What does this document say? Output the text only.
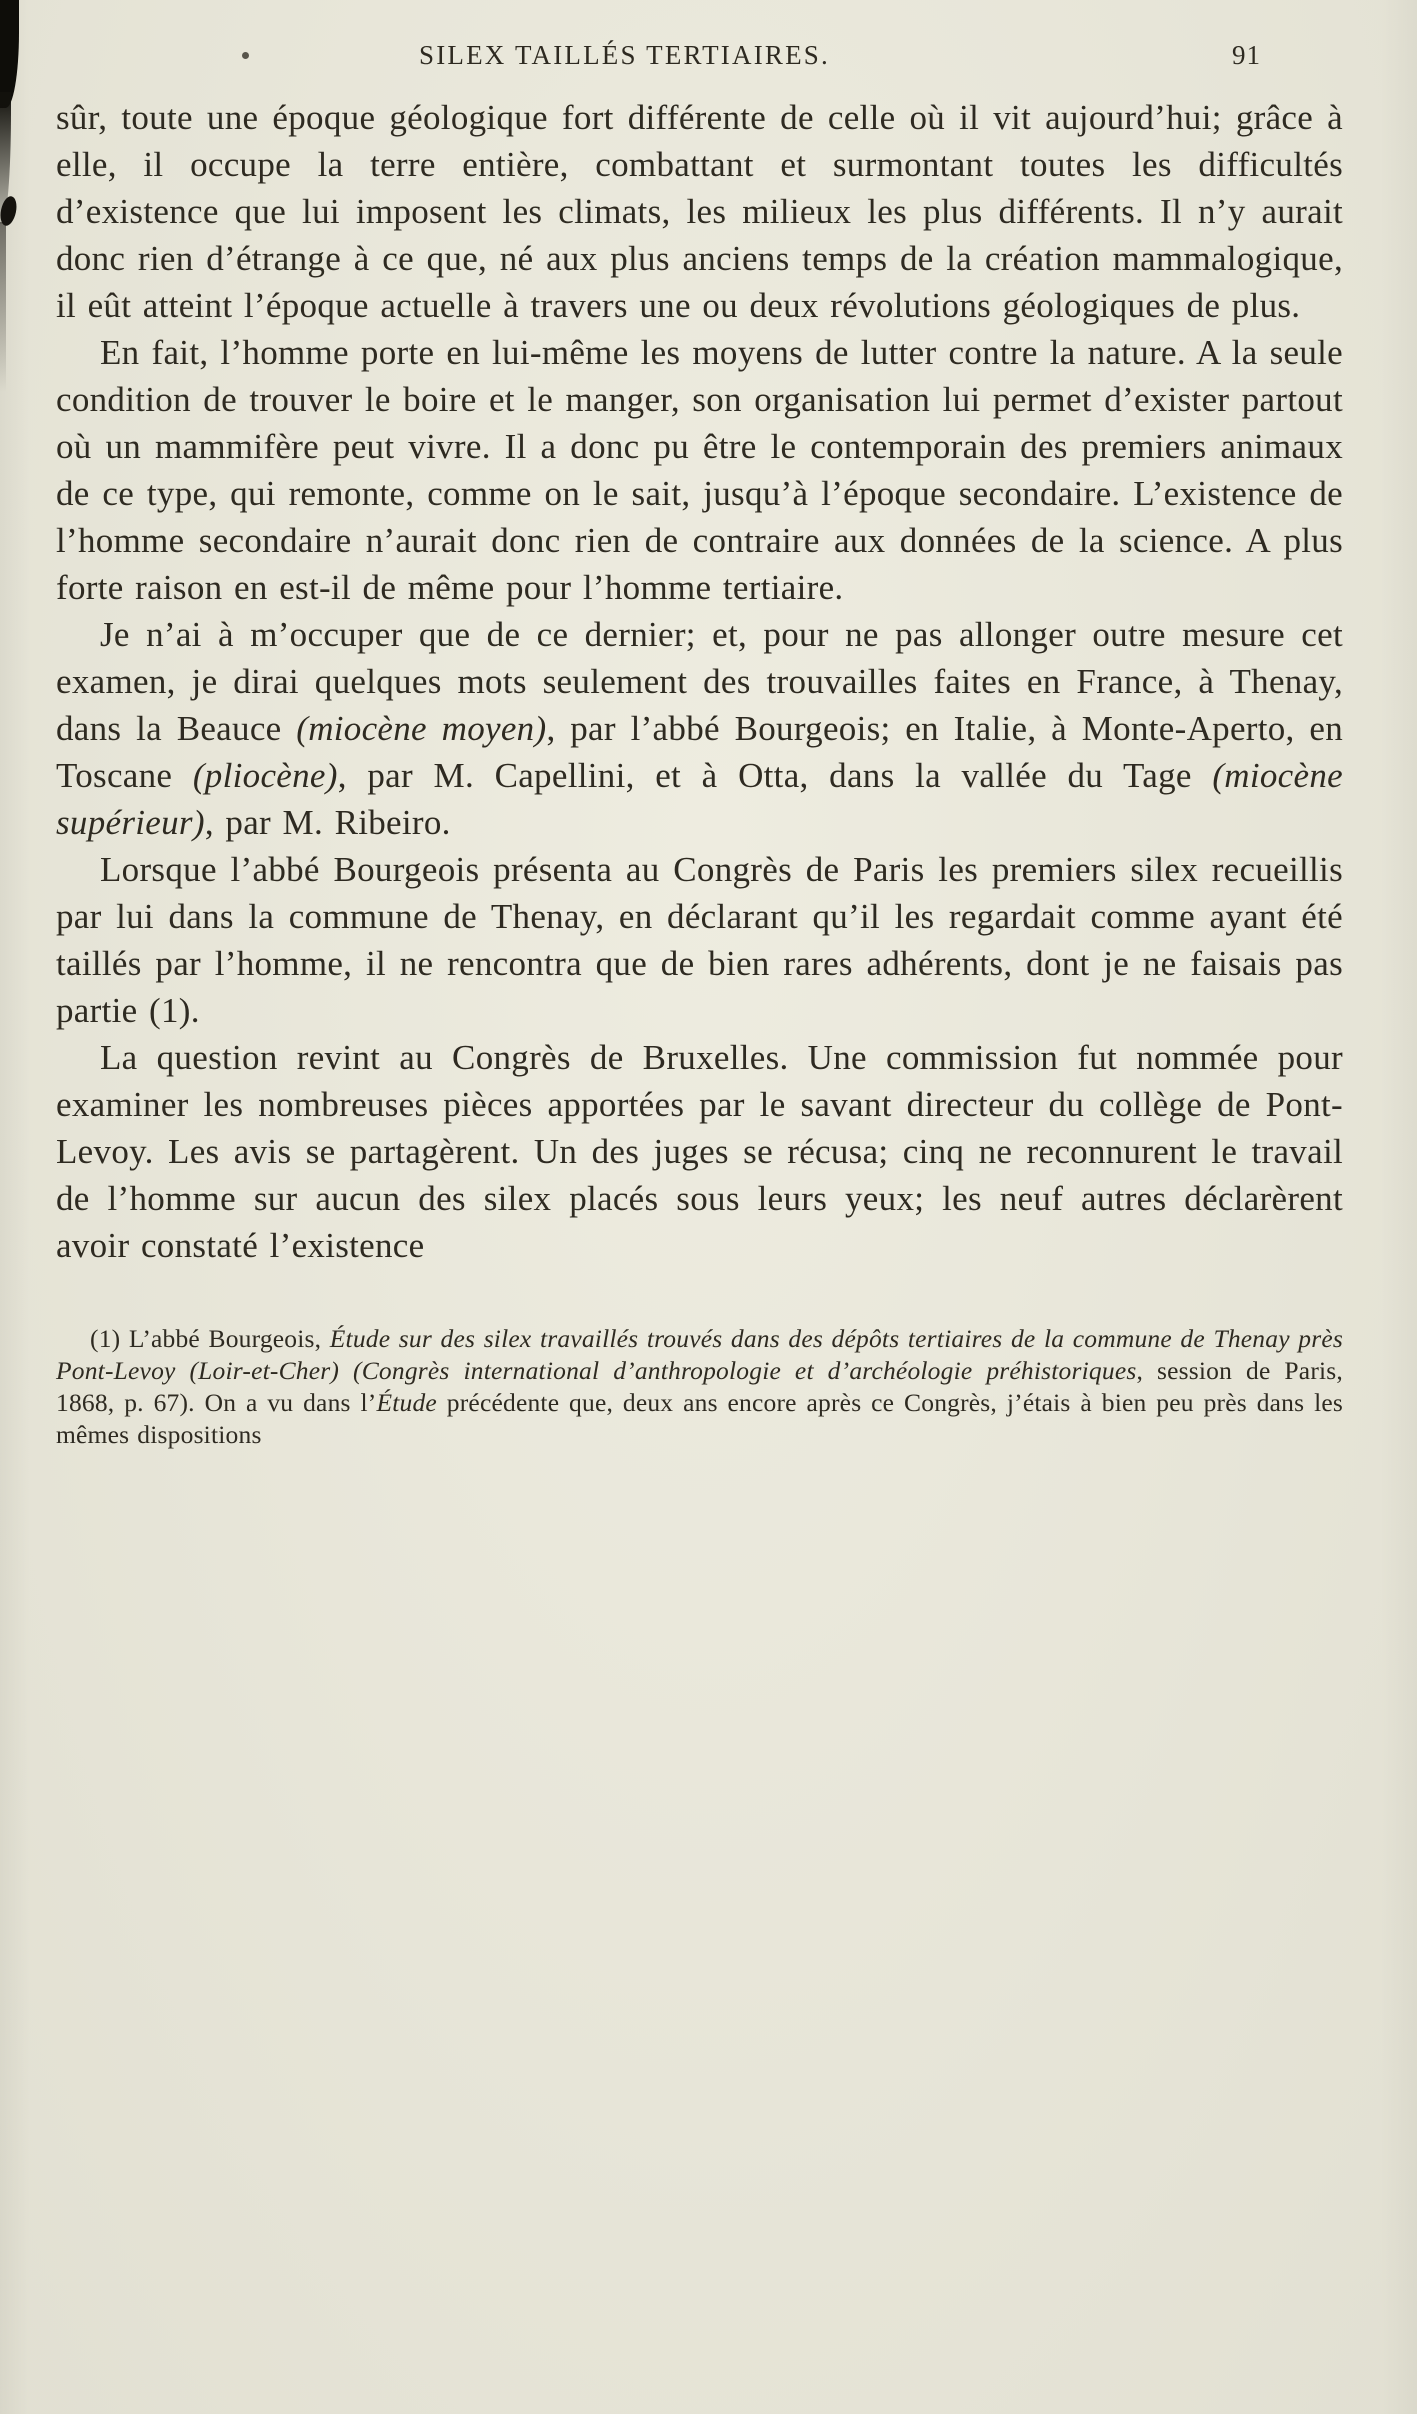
SILEX TAILLÉS TERTIAIRES.	91

sûr, toute une époque géologique fort différente de celle où il vit aujourd’hui; grâce à elle, il occupe la terre entière, combattant et surmontant toutes les difficultés d’existence que lui imposent les climats, les milieux les plus différents. Il n’y aurait donc rien d’étrange à ce que, né aux plus anciens temps de la création mammalogique, il eût atteint l’époque actuelle à travers une ou deux révolutions géologiques de plus.

En fait, l’homme porte en lui-même les moyens de lutter contre la nature. A la seule condition de trouver le boire et le manger, son organisation lui permet d’exister partout où un mammifère peut vivre. Il a donc pu être le contemporain des premiers animaux de ce type, qui remonte, comme on le sait, jusqu’à l’époque secondaire. L’existence de l’homme secondaire n’aurait donc rien de contraire aux données de la science. A plus forte raison en est-il de même pour l’homme tertiaire.

Je n’ai à m’occuper que de ce dernier; et, pour ne pas allonger outre mesure cet examen, je dirai quelques mots seulement des trouvailles faites en France, à Thenay, dans la Beauce (miocène moyen), par l’abbé Bourgeois; en Italie, à Monte-Aperto, en Toscane (pliocène), par M. Capellini, et à Otta, dans la vallée du Tage (miocène supérieur), par M. Ribeiro.

Lorsque l’abbé Bourgeois présenta au Congrès de Paris les premiers silex recueillis par lui dans la commune de Thenay, en déclarant qu’il les regardait comme ayant été taillés par l’homme, il ne rencontra que de bien rares adhérents, dont je ne faisais pas partie (1).

La question revint au Congrès de Bruxelles. Une commission fut nommée pour examiner les nombreuses pièces apportées par le savant directeur du collège de Pont-Levoy. Les avis se partagèrent. Un des juges se récusa; cinq ne reconnurent le travail de l’homme sur aucun des silex placés sous leurs yeux; les neuf autres déclarèrent avoir constaté l’existence

(1) L’abbé Bourgeois, Étude sur des silex travaillés trouvés dans des dépôts tertiaires de la commune de Thenay près Pont-Levoy (Loir-et-Cher) (Congrès international d’anthropologie et d’archéologie préhistoriques, session de Paris, 1868, p. 67). On a vu dans l’Étude précédente que, deux ans encore après ce Congrès, j’étais à bien peu près dans les mêmes dispositions
